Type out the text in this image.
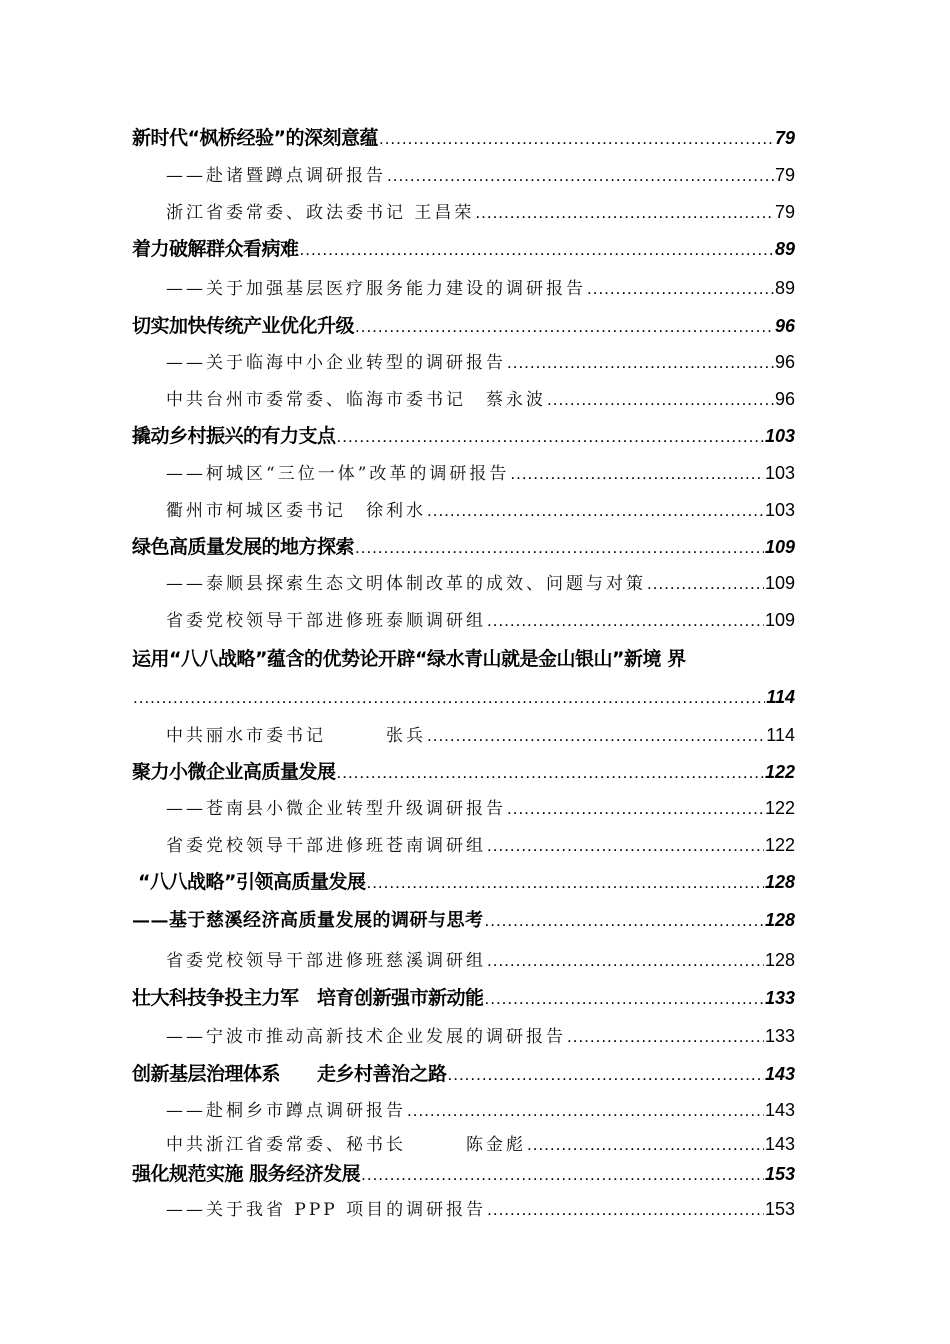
新时代“枫桥经验”的深刻意蕴 .....	79
——赴诸暨蹲点调研报告 .....	79
浙江省委常委、政法委书记 王昌荣 .....	79
着力破解群众看病难 .....	89
——关于加强基层医疗服务能力建设的调研报告 .....	89
切实加快传统产业优化升级 .....	96
——关于临海中小企业转型的调研报告 .....	96
中共台州市委常委、临海市委书记　蔡永波 .....	96
撬动乡村振兴的有力支点 .....	103
——柯城区“三位一体”改革的调研报告 .....	103
衢州市柯城区委书记　徐利水 .....	103
绿色高质量发展的地方探索 .....	109
——泰顺县探索生态文明体制改革的成效、问题与对策 .....	109
省委党校领导干部进修班泰顺调研组 .....	109
运用“八八战略”蕴含的优势论开辟“绿水青山就是金山银山”新境 界
.....
114
中共丽水市委书记　　　张兵 .....	114
聚力小微企业高质量发展 .....	122
——苍南县小微企业转型升级调研报告 .....	122
省委党校领导干部进修班苍南调研组 .....	122
“八八战略”引领高质量发展 .....	128
——基于慈溪经济高质量发展的调研与思考 .....	128
省委党校领导干部进修班慈溪调研组 .....	128
壮大科技争投主力军　培育创新强市新动能 .....	133
——宁波市推动高新技术企业发展的调研报告 .....	133
创新基层治理体系　　走乡村善治之路 .....	143
——赴桐乡市蹲点调研报告 .....	143
中共浙江省委常委、秘书长　　　陈金彪 .....	143
强化规范实施 服务经济发展 .....	153
——关于我省 PPP 项目的调研报告 .....	153
